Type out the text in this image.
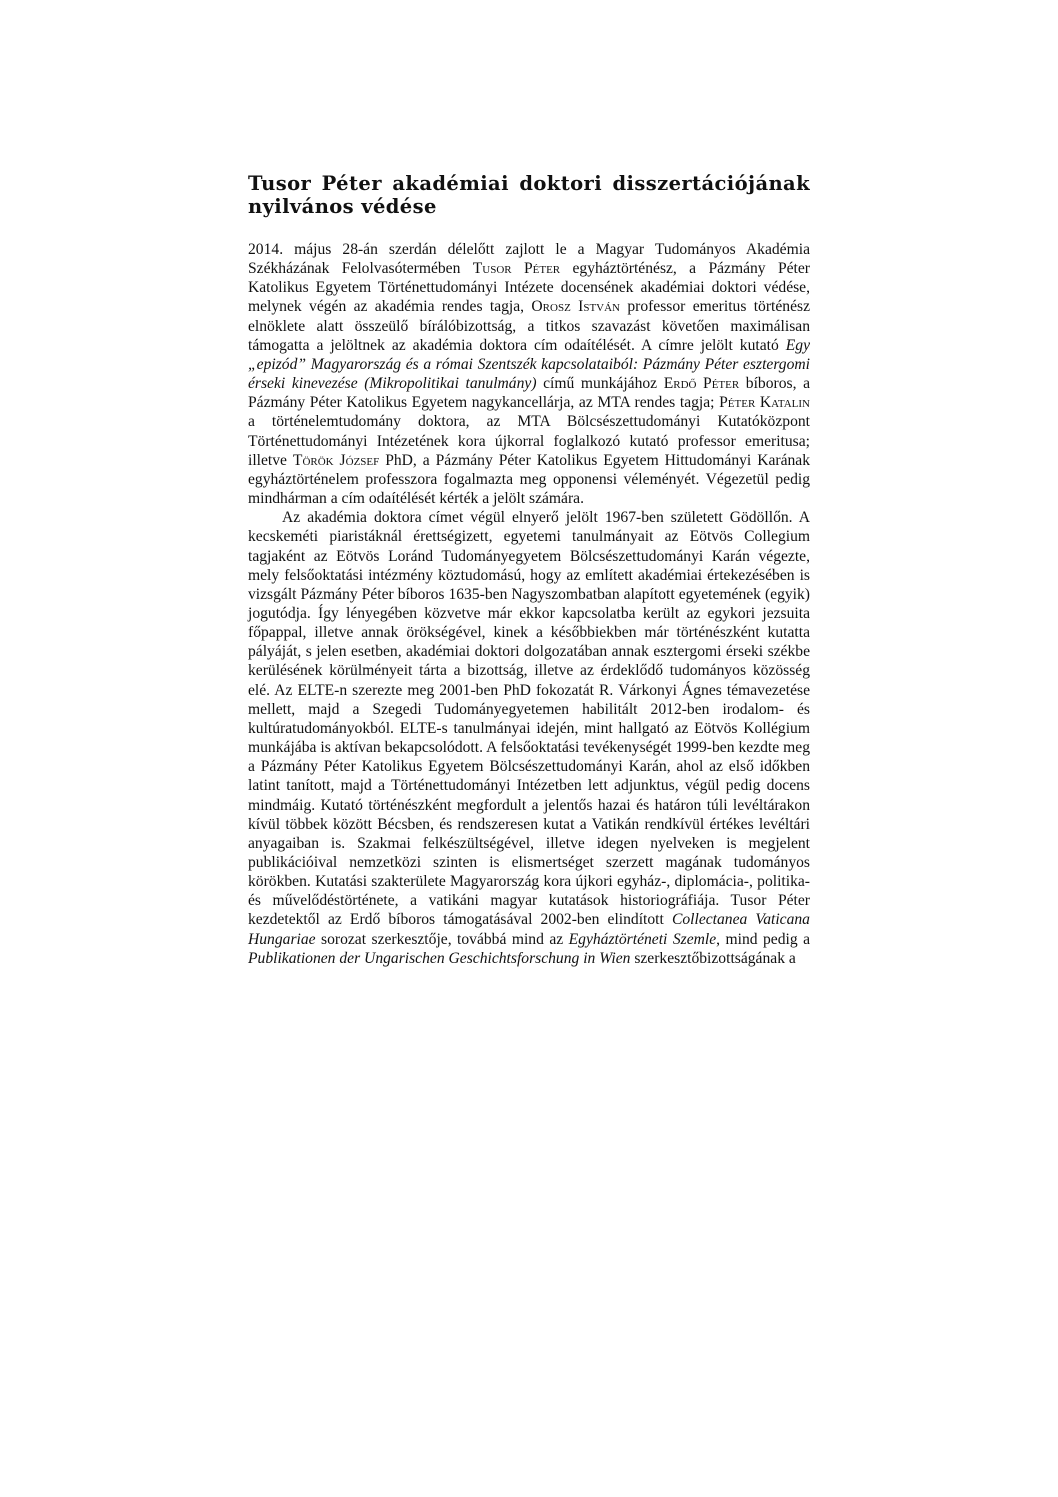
Tusor Péter akadémiai doktori disszertációjának nyilvános védése

2014. május 28-án szerdán délelőtt zajlott le a Magyar Tudományos Akadémia Székházának Felolvasótermében Tusor Péter egyháztörténész, a Pázmány Péter Katolikus Egyetem Történettudományi Intézete docensének akadémiai doktori védése, melynek végén az akadémia rendes tagja, Orosz István professor emeritus történész elnöklete alatt összeülő bírálóbizottság, a titkos szavazást követően maximálisan támogatta a jelöltnek az akadémia doktora cím odaítélését. A címre jelölt kutató Egy „epizód” Magyarország és a római Szentszék kapcsolataiból: Pázmány Péter esztergomi érseki kinevezése (Mikropolitikai tanulmány) című munkájához Erdő Péter bíboros, a Pázmány Péter Katolikus Egyetem nagykancellárja, az MTA rendes tagja; Péter Katalin a történelemtudomány doktora, az MTA Bölcsészettudományi Kutatóközpont Történettudományi Intézetének kora újkorral foglalkozó kutató professor emeritusa; illetve Török József PhD, a Pázmány Péter Katolikus Egyetem Hittudományi Karának egyháztörténelem professzora fogalmazta meg opponensi véleményét. Végezetül pedig mindhárman a cím odaítélését kérték a jelölt számára.

Az akadémia doktora címet végül elnyerő jelölt 1967-ben született Gödöllőn. A kecskeméti piaristáknál érettségizett, egyetemi tanulmányait az Eötvös Collegium tagjaként az Eötvös Loránd Tudományegyetem Bölcsészettudományi Karán végezte, mely felsőoktatási intézmény köztudomású, hogy az említett akadémiai értekezésében is vizsgált Pázmány Péter bíboros 1635-ben Nagyszombatban alapított egyetemének (egyik) jogutódja. Így lényegében közvetve már ekkor kapcsolatba került az egykori jezsuita főpappal, illetve annak örökségével, kinek a későbbiekben már történészként kutatta pályáját, s jelen esetben, akadémiai doktori dolgozatában annak esztergomi érseki székbe kerülésének körülményeit tárta a bizottság, illetve az érdeklődő tudományos közösség elé. Az ELTE-n szerezte meg 2001-ben PhD fokozatát R. Várkonyi Ágnes témavezetése mellett, majd a Szegedi Tudományegyetemen habilitált 2012-ben irodalom- és kultúratudományokból. ELTE-s tanulmányai idején, mint hallgató az Eötvös Kollégium munkájába is aktívan bekapcsolódott. A felsőoktatási tevékenységét 1999-ben kezdte meg a Pázmány Péter Katolikus Egyetem Bölcsészettudományi Karán, ahol az első időkben latint tanított, majd a Történettudományi Intézetben lett adjunktus, végül pedig docens mindmáig. Kutató történészként megfordult a jelentős hazai és határon túli levéltárakon kívül többek között Bécsben, és rendszeresen kutat a Vatikán rendkívül értékes levéltári anyagaiban is. Szakmai felkészültségével, illetve idegen nyelveken is megjelent publikációival nemzetközi szinten is elismertséget szerzett magának tudományos körökben. Kutatási szakterülete Magyarország kora újkori egyház-, diplomácia-, politika- és művelődéstörténete, a vatikáni magyar kutatások historiográfiája. Tusor Péter kezdetektől az Erdő bíboros támogatásával 2002-ben elindított Collectanea Vaticana Hungariae sorozat szerkesztője, továbbá mind az Egyháztörténeti Szemle, mind pedig a Publikationen der Ungarischen Geschichtsforschung in Wien szerkesztőbizottságának a
